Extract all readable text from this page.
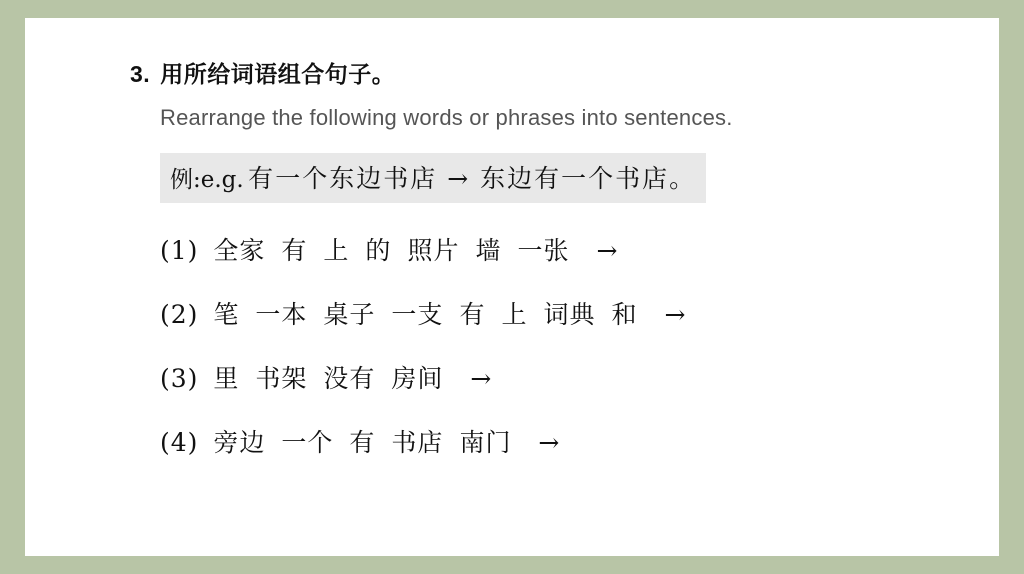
3. 用所给词语组合句子。
Rearrange the following words or phrases into sentences.
例:e.g. 有一个东边书店 → 东边有一个书店。
(1) 全家 有 上 的 照片 墙 一张 →
(2) 笔 一本 桌子 一支 有 上 词典 和 →
(3) 里 书架 没有 房间 →
(4) 旁边 一个 有 书店 南门 →
